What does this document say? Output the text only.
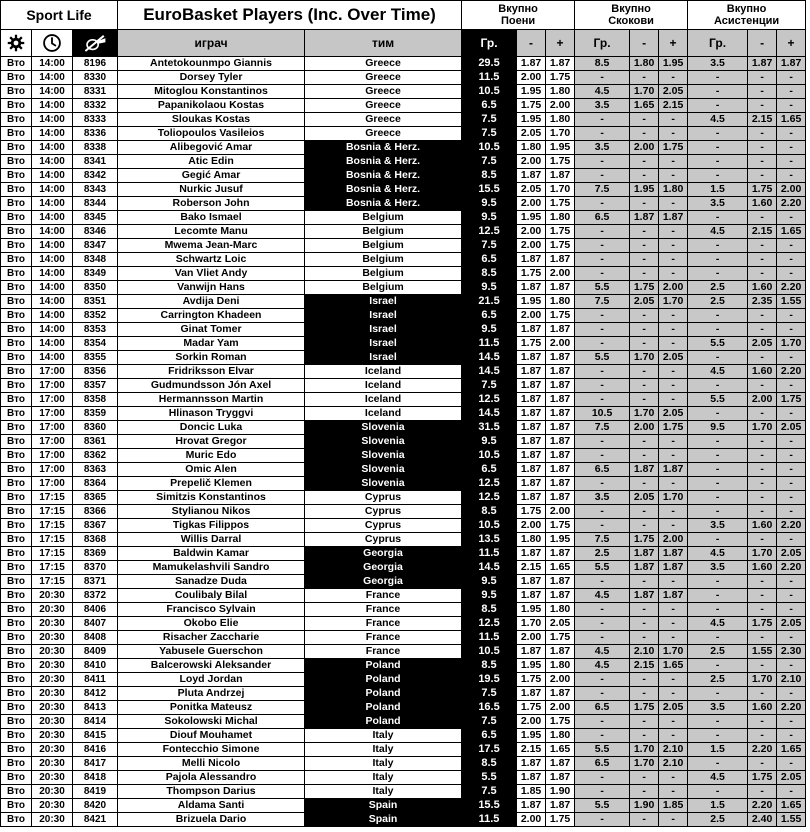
Sport Life			EuroBasket Players (Inc. Over Time)		Вкупно
Поени			Вкупно
Скокови			Вкупно
Асистенции		

			играч	тим	Гр.	-	+	Гр.	-	+	Гр.	-	+
Вто	14:00	8196	Antetokounmpo Giannis	Greece	29.5	1.87	1.87	8.5	1.80	1.95	3.5	1.87	1.87
Вто	14:00	8330	Dorsey Tyler	Greece	11.5	2.00	1.75	-	-	-	-	-	-
Вто	14:00	8331	Mitoglou Konstantinos	Greece	10.5	1.95	1.80	4.5	1.70	2.05	-	-	-
Вто	14:00	8332	Papanikolaou Kostas	Greece	6.5	1.75	2.00	3.5	1.65	2.15	-	-	-
Вто	14:00	8333	Sloukas Kostas	Greece	7.5	1.95	1.80	-	-	-	4.5	2.15	1.65
Вто	14:00	8336	Toliopoulos Vasileios	Greece	7.5	2.05	1.70	-	-	-	-	-	-
Вто	14:00	8338	Alibegović Amar	Bosnia & Herz.	10.5	1.80	1.95	3.5	2.00	1.75	-	-	-
Вто	14:00	8341	Atic Edin	Bosnia & Herz.	7.5	2.00	1.75	-	-	-	-	-	-
Вто	14:00	8342	Gegić Amar	Bosnia & Herz.	8.5	1.87	1.87	-	-	-	-	-	-
Вто	14:00	8343	Nurkic Jusuf	Bosnia & Herz.	15.5	2.05	1.70	7.5	1.95	1.80	1.5	1.75	2.00
Вто	14:00	8344	Roberson John	Bosnia & Herz.	9.5	2.00	1.75	-	-	-	3.5	1.60	2.20
Вто	14:00	8345	Bako Ismael	Belgium	9.5	1.95	1.80	6.5	1.87	1.87	-	-	-
Вто	14:00	8346	Lecomte Manu	Belgium	12.5	2.00	1.75	-	-	-	4.5	2.15	1.65
Вто	14:00	8347	Mwema Jean-Marc	Belgium	7.5	2.00	1.75	-	-	-	-	-	-
Вто	14:00	8348	Schwartz Loic	Belgium	6.5	1.87	1.87	-	-	-	-	-	-
Вто	14:00	8349	Van Vliet Andy	Belgium	8.5	1.75	2.00	-	-	-	-	-	-
Вто	14:00	8350	Vanwijn Hans	Belgium	9.5	1.87	1.87	5.5	1.75	2.00	2.5	1.60	2.20
Вто	14:00	8351	Avdija Deni	Israel	21.5	1.95	1.80	7.5	2.05	1.70	2.5	2.35	1.55
Вто	14:00	8352	Carrington Khadeen	Israel	6.5	2.00	1.75	-	-	-	-	-	-
Вто	14:00	8353	Ginat Tomer	Israel	9.5	1.87	1.87	-	-	-	-	-	-
Вто	14:00	8354	Madar Yam	Israel	11.5	1.75	2.00	-	-	-	5.5	2.05	1.70
Вто	14:00	8355	Sorkin Roman	Israel	14.5	1.87	1.87	5.5	1.70	2.05	-	-	-
Вто	17:00	8356	Fridriksson Elvar	Iceland	14.5	1.87	1.87	-	-	-	4.5	1.60	2.20
Вто	17:00	8357	Gudmundsson Jón Axel	Iceland	7.5	1.87	1.87	-	-	-	-	-	-
Вто	17:00	8358	Hermannsson Martin	Iceland	12.5	1.87	1.87	-	-	-	5.5	2.00	1.75
Вто	17:00	8359	Hlinason Tryggvi	Iceland	14.5	1.87	1.87	10.5	1.70	2.05	-	-	-
Вто	17:00	8360	Doncic Luka	Slovenia	31.5	1.87	1.87	7.5	2.00	1.75	9.5	1.70	2.05
Вто	17:00	8361	Hrovat Gregor	Slovenia	9.5	1.87	1.87	-	-	-	-	-	-
Вто	17:00	8362	Muric Edo	Slovenia	10.5	1.87	1.87	-	-	-	-	-	-
Вто	17:00	8363	Omic Alen	Slovenia	6.5	1.87	1.87	6.5	1.87	1.87	-	-	-
Вто	17:00	8364	Prepelič Klemen	Slovenia	12.5	1.87	1.87	-	-	-	-	-	-
Вто	17:15	8365	Simitzis Konstantinos	Cyprus	12.5	1.87	1.87	3.5	2.05	1.70	-	-	-
Вто	17:15	8366	Stylianou Nikos	Cyprus	8.5	1.75	2.00	-	-	-	-	-	-
Вто	17:15	8367	Tigkas Filippos	Cyprus	10.5	2.00	1.75	-	-	-	3.5	1.60	2.20
Вто	17:15	8368	Willis Darral	Cyprus	13.5	1.80	1.95	7.5	1.75	2.00	-	-	-
Вто	17:15	8369	Baldwin Kamar	Georgia	11.5	1.87	1.87	2.5	1.87	1.87	4.5	1.70	2.05
Вто	17:15	8370	Mamukelashvili Sandro	Georgia	14.5	2.15	1.65	5.5	1.87	1.87	3.5	1.60	2.20
Вто	17:15	8371	Sanadze Duda	Georgia	9.5	1.87	1.87	-	-	-	-	-	-
Вто	20:30	8372	Coulibaly Bilal	France	9.5	1.87	1.87	4.5	1.87	1.87	-	-	-
Вто	20:30	8406	Francisco Sylvain	France	8.5	1.95	1.80	-	-	-	-	-	-
Вто	20:30	8407	Okobo Elie	France	12.5	1.70	2.05	-	-	-	4.5	1.75	2.05
Вто	20:30	8408	Risacher Zaccharie	France	11.5	2.00	1.75	-	-	-	-	-	-
Вто	20:30	8409	Yabusele Guerschon	France	10.5	1.87	1.87	4.5	2.10	1.70	2.5	1.55	2.30
Вто	20:30	8410	Balcerowski Aleksander	Poland	8.5	1.95	1.80	4.5	2.15	1.65	-	-	-
Вто	20:30	8411	Loyd Jordan	Poland	19.5	1.75	2.00	-	-	-	2.5	1.70	2.10
Вто	20:30	8412	Pluta Andrzej	Poland	7.5	1.87	1.87	-	-	-	-	-	-
Вто	20:30	8413	Ponitka Mateusz	Poland	16.5	1.75	2.00	6.5	1.75	2.05	3.5	1.60	2.20
Вто	20:30	8414	Sokolowski Michal	Poland	7.5	2.00	1.75	-	-	-	-	-	-
Вто	20:30	8415	Diouf Mouhamet	Italy	6.5	1.95	1.80	-	-	-	-	-	-
Вто	20:30	8416	Fontecchio Simone	Italy	17.5	2.15	1.65	5.5	1.70	2.10	1.5	2.20	1.65
Вто	20:30	8417	Melli Nicolo	Italy	8.5	1.87	1.87	6.5	1.70	2.10	-	-	-
Вто	20:30	8418	Pajola Alessandro	Italy	5.5	1.87	1.87	-	-	-	4.5	1.75	2.05
Вто	20:30	8419	Thompson Darius	Italy	7.5	1.85	1.90	-	-	-	-	-	-
Вто	20:30	8420	Aldama Santi	Spain	15.5	1.87	1.87	5.5	1.90	1.85	1.5	2.20	1.65
Вто	20:30	8421	Brizuela Dario	Spain	11.5	2.00	1.75	-	-	-	2.5	2.40	1.55
